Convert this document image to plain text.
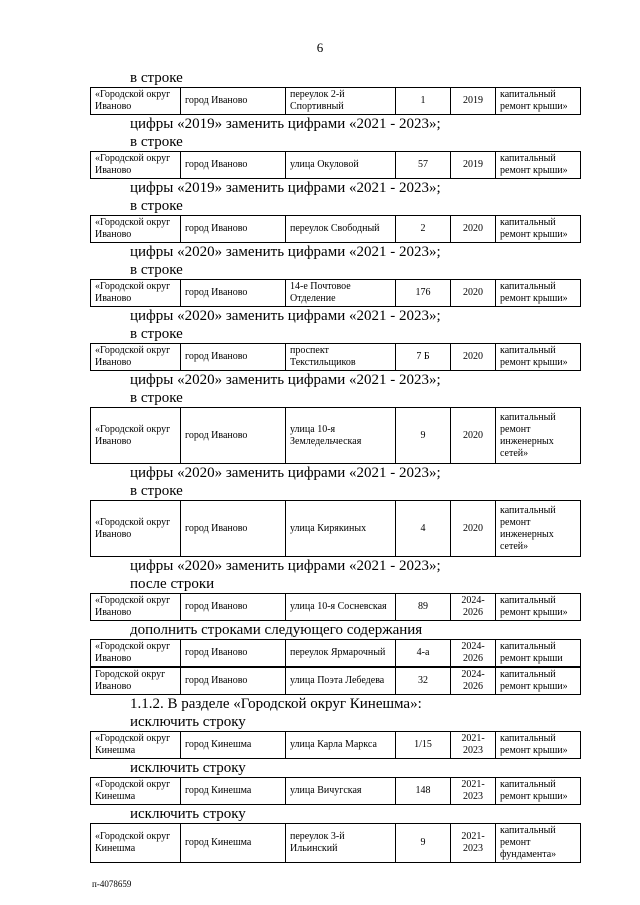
6
в строке
«Городской округ Иваново	город Иваново	переулок 2-й Спортивный	1	2019	капитальный ремонт крыши»
цифры «2019» заменить цифрами «2021 - 2023»;
в строке
«Городской округ Иваново	город Иваново	улица Окуловой	57	2019	капитальный ремонт крыши»
цифры «2019» заменить цифрами «2021 - 2023»;
в строке
«Городской округ Иваново	город Иваново	переулок Свободный	2	2020	капитальный ремонт крыши»
цифры «2020» заменить цифрами «2021 - 2023»;
в строке
«Городской округ Иваново	город Иваново	14-е Почтовое Отделение	176	2020	капитальный ремонт крыши»
цифры «2020» заменить цифрами «2021 - 2023»;
в строке
«Городской округ Иваново	город Иваново	проспект Текстильщиков	7 Б	2020	капитальный ремонт крыши»
цифры «2020» заменить цифрами «2021 - 2023»;
в строке
«Городской округ Иваново	город Иваново	улица 10-я Земледельческая	9	2020	капитальный ремонт инженерных сетей»
цифры «2020» заменить цифрами «2021 - 2023»;
в строке
«Городской округ Иваново	город Иваново	улица Кирякиных	4	2020	капитальный ремонт инженерных сетей»
цифры «2020» заменить цифрами «2021 - 2023»;
после строки
«Городской округ Иваново	город Иваново	улица 10-я Сосневская	89	2024-2026	капитальный ремонт крыши»
дополнить строками следующего содержания
«Городской округ Иваново	город Иваново	переулок Ярмарочный	4-а	2024-2026	капитальный ремонт крыши
Городской округ Иваново	город Иваново	улица Поэта Лебедева	32	2024-2026	капитальный ремонт крыши»
1.1.2. В разделе «Городской округ Кинешма»:
исключить строку
«Городской округ Кинешма	город Кинешма	улица Карла Маркса	1/15	2021-2023	капитальный ремонт крыши»
исключить строку
«Городской округ Кинешма	город Кинешма	улица Вичугская	148	2021-2023	капитальный ремонт крыши»
исключить строку
«Городской округ Кинешма	город Кинешма	переулок 3-й Ильинский	9	2021-2023	капитальный ремонт фундамента»
п-4078659
